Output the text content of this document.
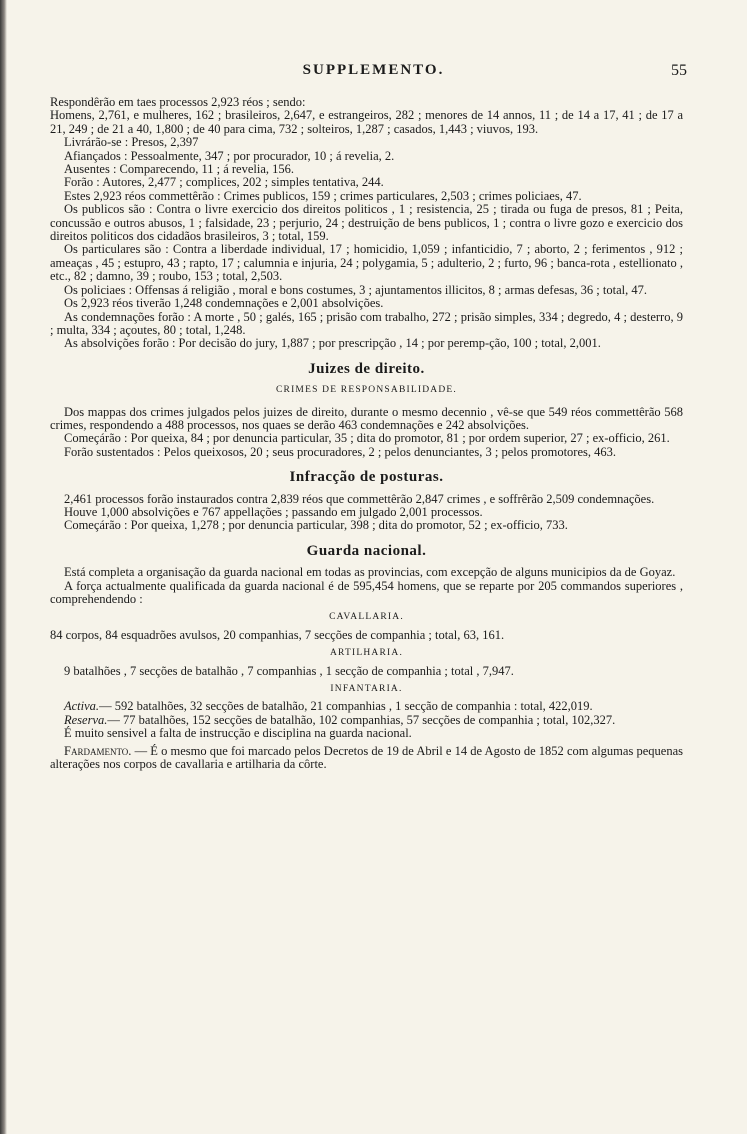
SUPPLEMENTO.	55

Respondêrão em taes processos 2,923 réos ; sendo:

Homens, 2,761, e mulheres, 162 ; brasileiros, 2,647, e estrangeiros, 282 ; menores de 14 annos, 11 ; de 14 a 17, 41 ; de 17 a 21, 249 ; de 21 a 40, 1,800 ; de 40 para cima, 732 ; solteiros, 1,287 ; casados, 1,443 ; viuvos, 193.

Livrárão-se : Presos, 2,397

Afiançados : Pessoalmente, 347 ; por procurador, 10 ; á revelia, 2.

Ausentes : Comparecendo, 11 ; á revelia, 156.

Forão : Autores, 2,477 ; complices, 202 ; simples tentativa, 244.

Estes 2,923 réos commettêrão : Crimes publicos, 159 ; crimes particulares, 2,503 ; crimes policiaes, 47.

Os publicos são : Contra o livre exercicio dos direitos politicos , 1 ; resistencia, 25 ; tirada ou fuga de presos, 81 ; Peita, concussão e outros abusos, 1 ; falsidade, 23 ; perjurio, 24 ; destruição de bens publicos, 1 ; contra o livre gozo e exercicio dos direitos politicos dos cidadãos brasileiros, 3 ; total, 159.

Os particulares são : Contra a liberdade individual, 17 ; homicidio, 1,059 ; infanticidio, 7 ; aborto, 2 ; ferimentos , 912 ; ameaças , 45 ; estupro, 43 ; rapto, 17 ; calumnia e injuria, 24 ; polygamia, 5 ; adulterio, 2 ; furto, 96 ; banca-rota , estellionato , etc., 82 ; damno, 39 ; roubo, 153 ; total, 2,503.

Os policiaes : Offensas á religião , moral e bons costumes, 3 ; ajuntamentos illicitos, 8 ; armas defesas, 36 ; total, 47.

Os 2,923 réos tiverão 1,248 condemnações e 2,001 absolvições.

As condemnações forão : A morte , 50 ; galés, 165 ; prisão com trabalho, 272 ; prisão simples, 334 ; degredo, 4 ; desterro, 9 ; multa, 334 ; açoutes, 80 ; total, 1,248.

As absolvições forão : Por decisão do jury, 1,887 ; por prescripção , 14 ; por peremp-ção, 100 ; total, 2,001.

Juizes de direito.
CRIMES DE RESPONSABILIDADE.

Dos mappas dos crimes julgados pelos juizes de direito, durante o mesmo decennio , vê-se que 549 réos commettêrão 568 crimes, respondendo a 488 processos, nos quaes se derão 463 condemnações e 242 absolvições.

Começárão : Por queixa, 84 ; por denuncia particular, 35 ; dita do promotor, 81 ; por ordem superior, 27 ; ex-officio, 261.

Forão sustentados : Pelos queixosos, 20 ; seus procuradores, 2 ; pelos denunciantes, 3 ; pelos promotores, 463.

Infracção de posturas.

2,461 processos forão instaurados contra 2,839 réos que commettêrão 2,847 crimes , e soffrêrão 2,509 condemnações.

Houve 1,000 absolvições e 767 appellações ; passando em julgado 2,001 processos.

Começárão : Por queixa, 1,278 ; por denuncia particular, 398 ; dita do promotor, 52 ; ex-officio, 733.

Guarda nacional.

Está completa a organisação da guarda nacional em todas as provincias, com excepção de alguns municipios da de Goyaz.

A força actualmente qualificada da guarda nacional é de 595,454 homens, que se reparte por 205 commandos superiores , comprehendendo :

CAVALLARIA.

84 corpos, 84 esquadrões avulsos, 20 companhias, 7 secções de companhia ; total, 63, 161.

ARTILHARIA.

9 batalhões , 7 secções de batalhão , 7 companhias , 1 secção de companhia ; total , 7,947.

INFANTARIA.

Activa.— 592 batalhões, 32 secções de batalhão, 21 companhias , 1 secção de companhia : total, 422,019.

Reserva.— 77 batalhões, 152 secções de batalhão, 102 companhias, 57 secções de companhia ; total, 102,327.

É muito sensivel a falta de instrucção e disciplina na guarda nacional.

Fardamento. — É o mesmo que foi marcado pelos Decretos de 19 de Abril e 14 de Agosto de 1852 com algumas pequenas alterações nos corpos de cavallaria e artilharia da côrte.
